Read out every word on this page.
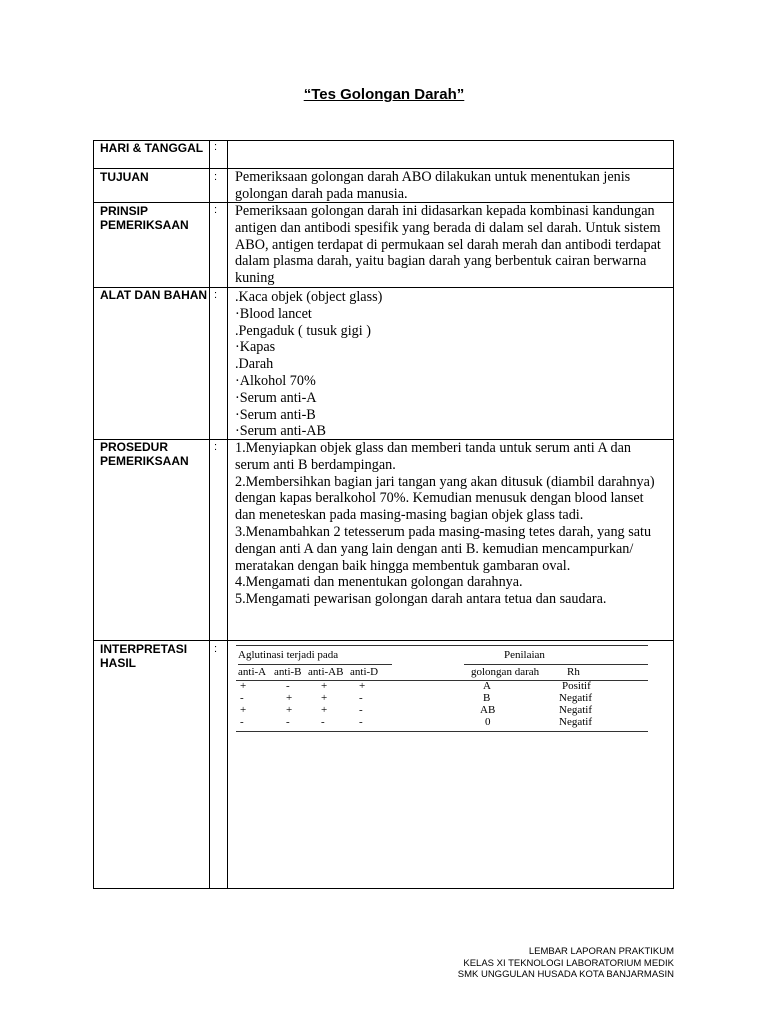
“Tes Golongan Darah”
HARI & TANGGAL :
TUJUAN	: Pemeriksaan golongan darah ABO dilakukan untuk menentukan jenis golongan darah pada manusia.

PRINSIP PEMERIKSAAN
: Pemeriksaan golongan darah ini didasarkan kepada kombinasi kandungan antigen dan antibodi spesifik yang berada di dalam sel darah. Untuk sistem ABO, antigen terdapat di permukaan sel darah merah dan antibodi terdapat dalam plasma darah, yaitu bagian darah yang berbentuk cairan berwarna kuning

ALAT DAN BAHAN : .Kaca objek (object glass)

·Blood lancet

.Pengaduk ( tusuk gigi )

·Kapas

.Darah

·Alkohol 70%

·Serum anti-A

·Serum anti-B

·Serum anti-AB

PROSEDUR PEMERIKSAAN
: 1.Menyiapkan objek glass dan memberi tanda untuk serum anti A dan serum anti B berdampingan.

2.Membersihkan bagian jari tangan yang akan ditusuk (diambil darahnya) dengan kapas beralkohol 70%. Kemudian menusuk dengan blood lanset dan meneteskan pada masing-masing bagian objek glass tadi.

3.Menambahkan 2 tetesserum pada masing-masing tetes darah, yang satu dengan anti A dan yang lain dengan anti B. kemudian mencampurkan/ meratakan dengan baik hingga membentuk gambaran oval.

4.Mengamati dan menentukan golongan darahnya.

5.Mengamati pewarisan golongan darah antara tetua dan saudara.

INTERPRETASI HASIL
: Aglutinasi terjadi pada	Penilaian
anti-A anti-B anti-AB anti-D	golongan darah	Rh
+	-	+	+	A	Positif
-	+	+	-	B	Negatif
+	+	+	-	AB	Negatif
-	-	-	-	0	Negatif
LEMBAR LAPORAN PRAKTIKUM
KELAS XI TEKNOLOGI LABORATORIUM MEDIK
SMK UNGGULAN HUSADA KOTA BANJARMASIN
